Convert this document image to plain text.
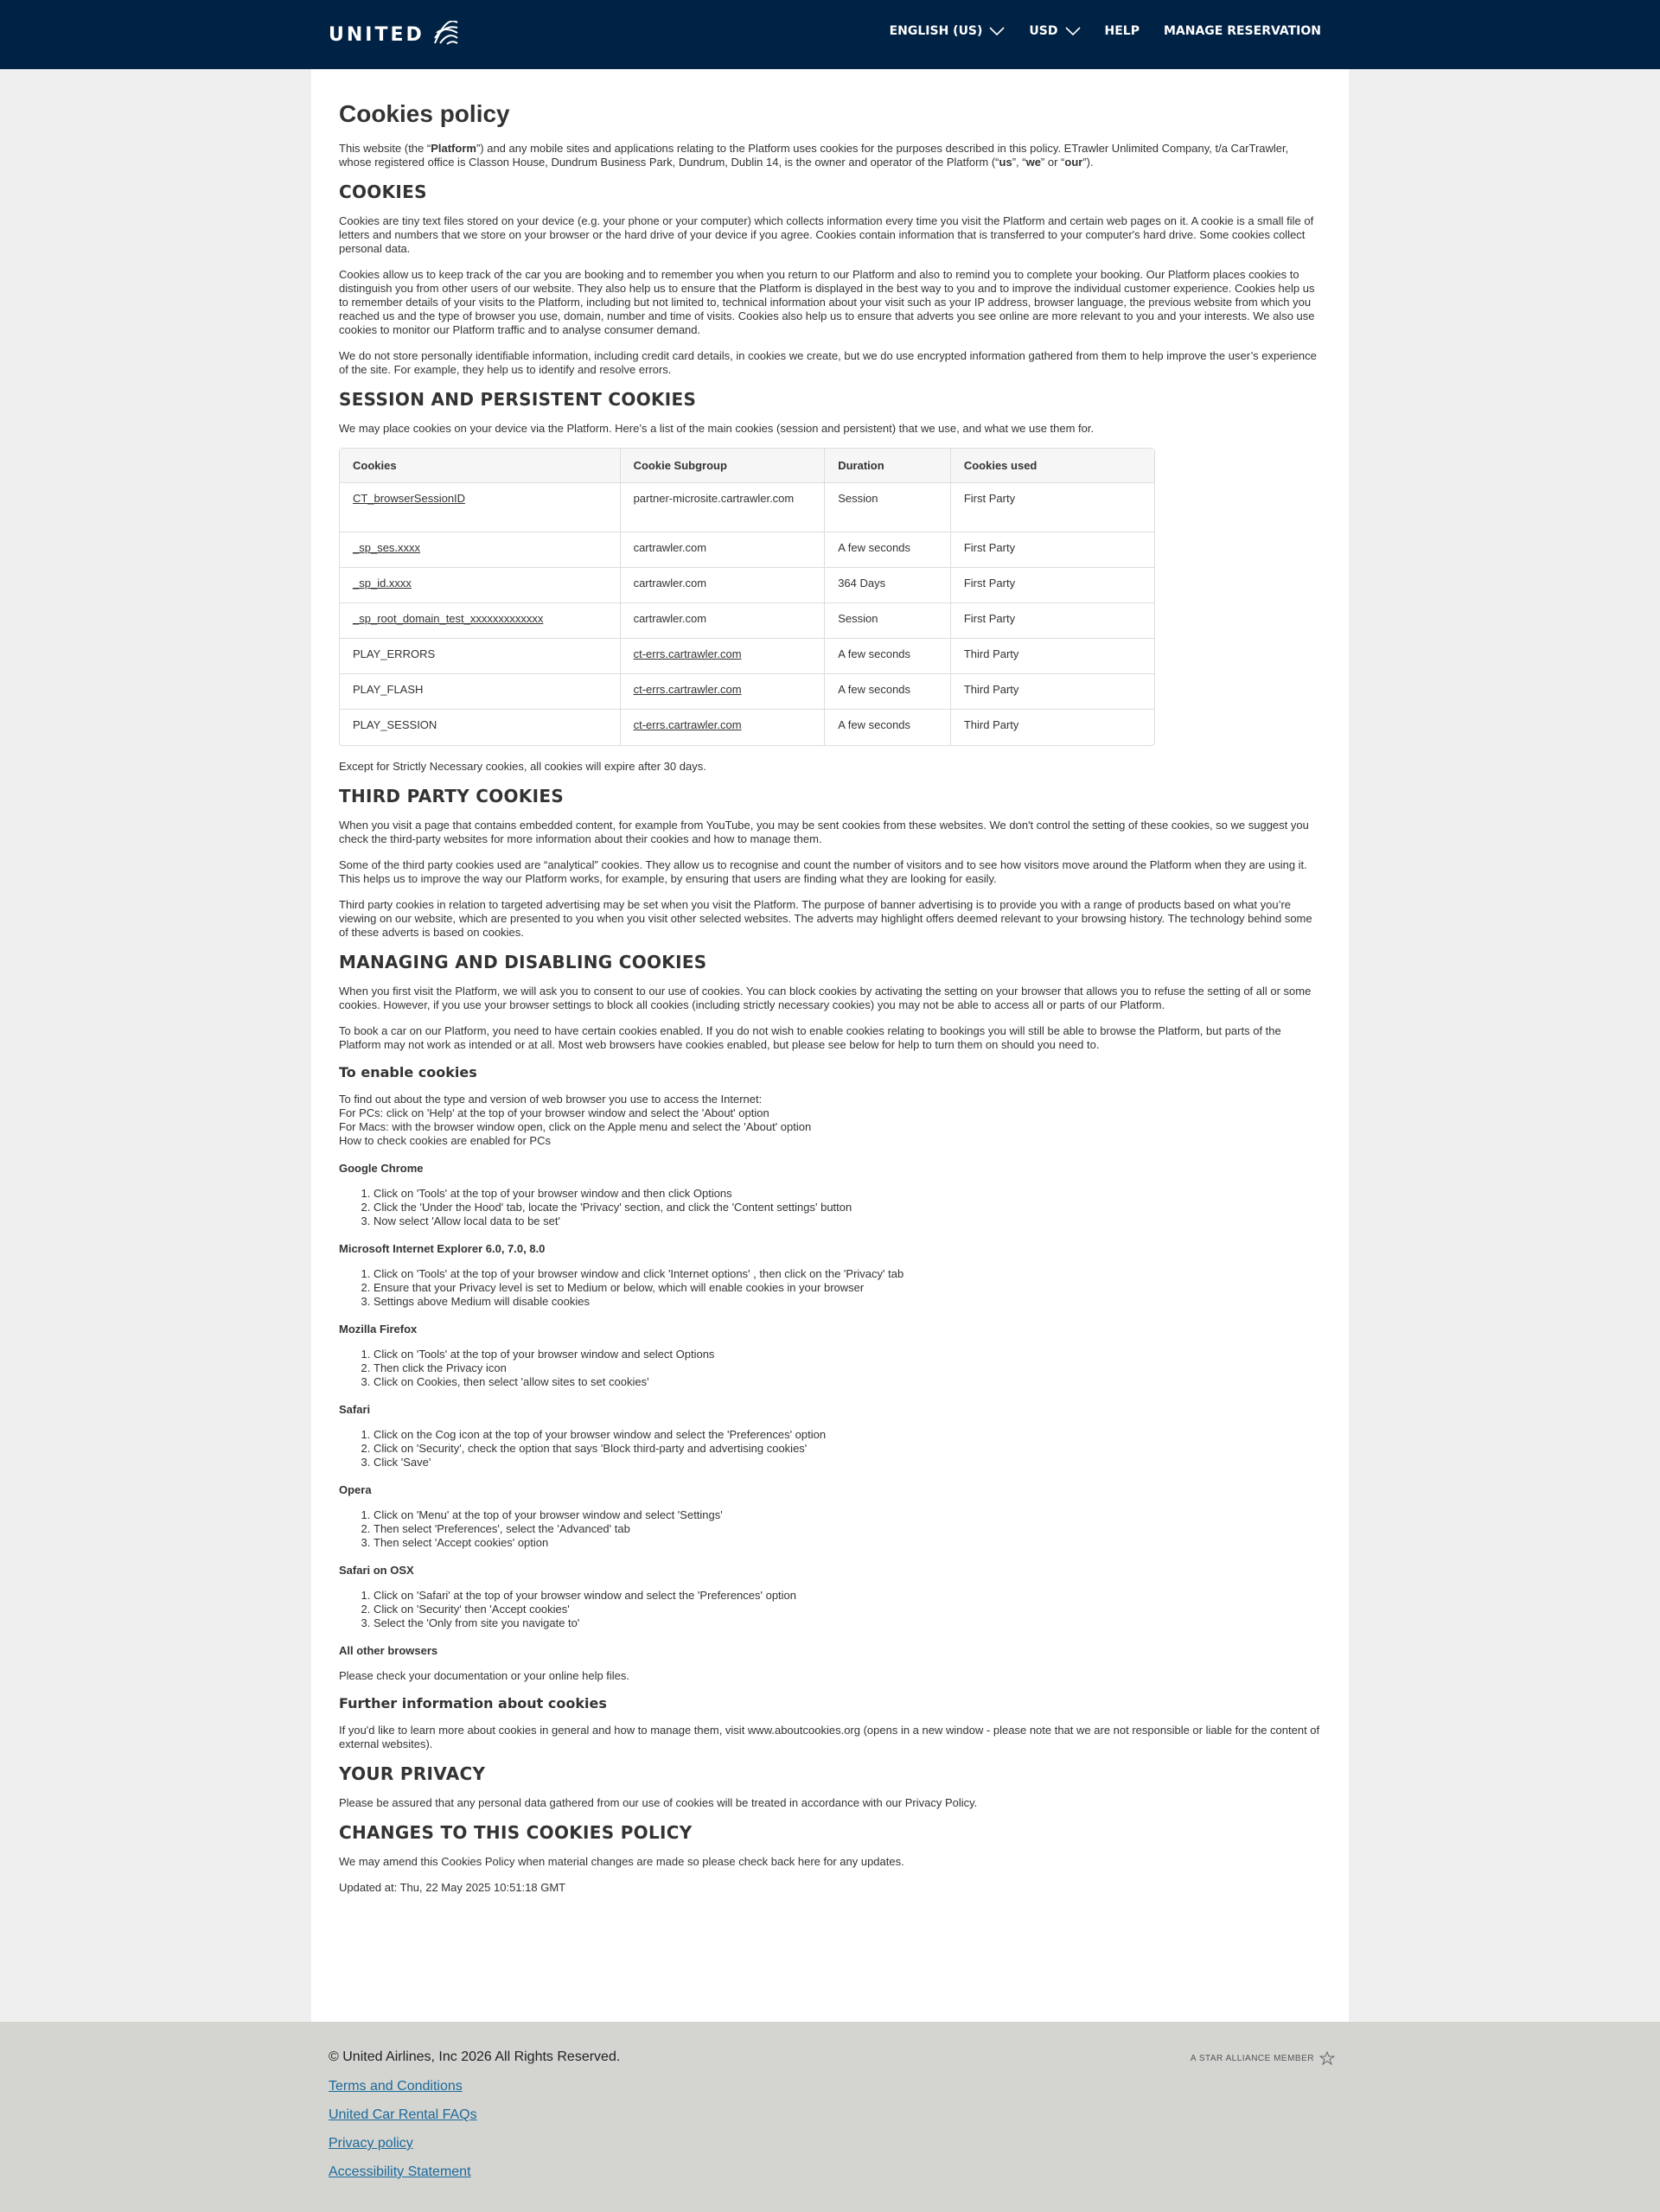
UNITED	ENGLISH (US)	USD	HELP MANAGE RESERVATION
Cookies policy

This website (the “Platform”) and any mobile sites and applications relating to the Platform uses cookies for the purposes described in this policy. ETrawler Unlimited Company, t/a CarTrawler, whose registered office is Classon House, Dundrum Business Park, Dundrum, Dublin 14, is the owner and operator of the Platform (“us”, “we” or “our”).

COOKIES

Cookies are tiny text files stored on your device (e.g. your phone or your computer) which collects information every time you visit the Platform and certain web pages on it. A cookie is a small file of letters and numbers that we store on your browser or the hard drive of your device if you agree. Cookies contain information that is transferred to your computer's hard drive. Some cookies collect personal data.

Cookies allow us to keep track of the car you are booking and to remember you when you return to our Platform and also to remind you to complete your booking. Our Platform places cookies to distinguish you from other users of our website. They also help us to ensure that the Platform is displayed in the best way to you and to improve the individual customer experience. Cookies help us to remember details of your visits to the Platform, including but not limited to, technical information about your visit such as your IP address, browser language, the previous website from which you reached us and the type of browser you use, domain, number and time of visits. Cookies also help us to ensure that adverts you see online are more relevant to you and your interests. We also use cookies to monitor our Platform traffic and to analyse consumer demand.

We do not store personally identifiable information, including credit card details, in cookies we create, but we do use encrypted information gathered from them to help improve the user’s experience of the site. For example, they help us to identify and resolve errors.

SESSION AND PERSISTENT COOKIES

We may place cookies on your device via the Platform. Here’s a list of the main cookies (session and persistent) that we use, and what we use them for.

Cookies	Cookie Subgroup	Duration	Cookies used
CT_browserSessionID	partner-microsite.cartrawler.com	Session	First Party
_sp_ses.xxxx	cartrawler.com	A few seconds	First Party
_sp_id.xxxx	cartrawler.com	364 Days	First Party
_sp_root_domain_test_xxxxxxxxxxxxx	cartrawler.com	Session	First Party
PLAY_ERRORS	ct-errs.cartrawler.com	A few seconds	Third Party
PLAY_FLASH	ct-errs.cartrawler.com	A few seconds	Third Party
PLAY_SESSION	ct-errs.cartrawler.com	A few seconds	Third Party

Except for Strictly Necessary cookies, all cookies will expire after 30 days.

THIRD PARTY COOKIES

When you visit a page that contains embedded content, for example from YouTube, you may be sent cookies from these websites. We don't control the setting of these cookies, so we suggest you check the third-party websites for more information about their cookies and how to manage them.

Some of the third party cookies used are “analytical” cookies. They allow us to recognise and count the number of visitors and to see how visitors move around the Platform when they are using it. This helps us to improve the way our Platform works, for example, by ensuring that users are finding what they are looking for easily.

Third party cookies in relation to targeted advertising may be set when you visit the Platform. The purpose of banner advertising is to provide you with a range of products based on what you’re viewing on our website, which are presented to you when you visit other selected websites. The adverts may highlight offers deemed relevant to your browsing history. The technology behind some of these adverts is based on cookies.

MANAGING AND DISABLING COOKIES

When you first visit the Platform, we will ask you to consent to our use of cookies. You can block cookies by activating the setting on your browser that allows you to refuse the setting of all or some cookies. However, if you use your browser settings to block all cookies (including strictly necessary cookies) you may not be able to access all or parts of our Platform.

To book a car on our Platform, you need to have certain cookies enabled. If you do not wish to enable cookies relating to bookings you will still be able to browse the Platform, but parts of the Platform may not work as intended or at all. Most web browsers have cookies enabled, but please see below for help to turn them on should you need to.

To enable cookies

To find out about the type and version of web browser you use to access the Internet:
For PCs: click on 'Help' at the top of your browser window and select the 'About' option
For Macs: with the browser window open, click on the Apple menu and select the 'About' option
How to check cookies are enabled for PCs

Google Chrome
1. Click on 'Tools' at the top of your browser window and then click Options
2. Click the 'Under the Hood' tab, locate the 'Privacy' section, and click the 'Content settings' button
3. Now select 'Allow local data to be set'
Microsoft Internet Explorer 6.0, 7.0, 8.0
1. Click on 'Tools' at the top of your browser window and click 'Internet options' , then click on the 'Privacy' tab
2. Ensure that your Privacy level is set to Medium or below, which will enable cookies in your browser
3. Settings above Medium will disable cookies
Mozilla Firefox
1. Click on 'Tools' at the top of your browser window and select Options
2. Then click the Privacy icon
3. Click on Cookies, then select 'allow sites to set cookies'
Safari
1. Click on the Cog icon at the top of your browser window and select the 'Preferences' option
2. Click on 'Security', check the option that says 'Block third-party and advertising cookies'
3. Click 'Save'
Opera
1. Click on 'Menu' at the top of your browser window and select 'Settings'
2. Then select 'Preferences', select the 'Advanced' tab
3. Then select 'Accept cookies' option
Safari on OSX
1. Click on 'Safari' at the top of your browser window and select the 'Preferences' option
2. Click on 'Security' then 'Accept cookies'
3. Select the 'Only from site you navigate to'
All other browsers

Please check your documentation or your online help files.

Further information about cookies

If you'd like to learn more about cookies in general and how to manage them, visit www.aboutcookies.org (opens in a new window - please note that we are not responsible or liable for the content of external websites).

YOUR PRIVACY

Please be assured that any personal data gathered from our use of cookies will be treated in accordance with our Privacy Policy.

CHANGES TO THIS COOKIES POLICY

We may amend this Cookies Policy when material changes are made so please check back here for any updates.

Updated at: Thu, 22 May 2025 10:51:18 GMT

© United Airlines, Inc 2026 All Rights Reserved.	A STAR ALLIANCE MEMBER
Terms and Conditions
United Car Rental FAQs
Privacy policy
Accessibility Statement
